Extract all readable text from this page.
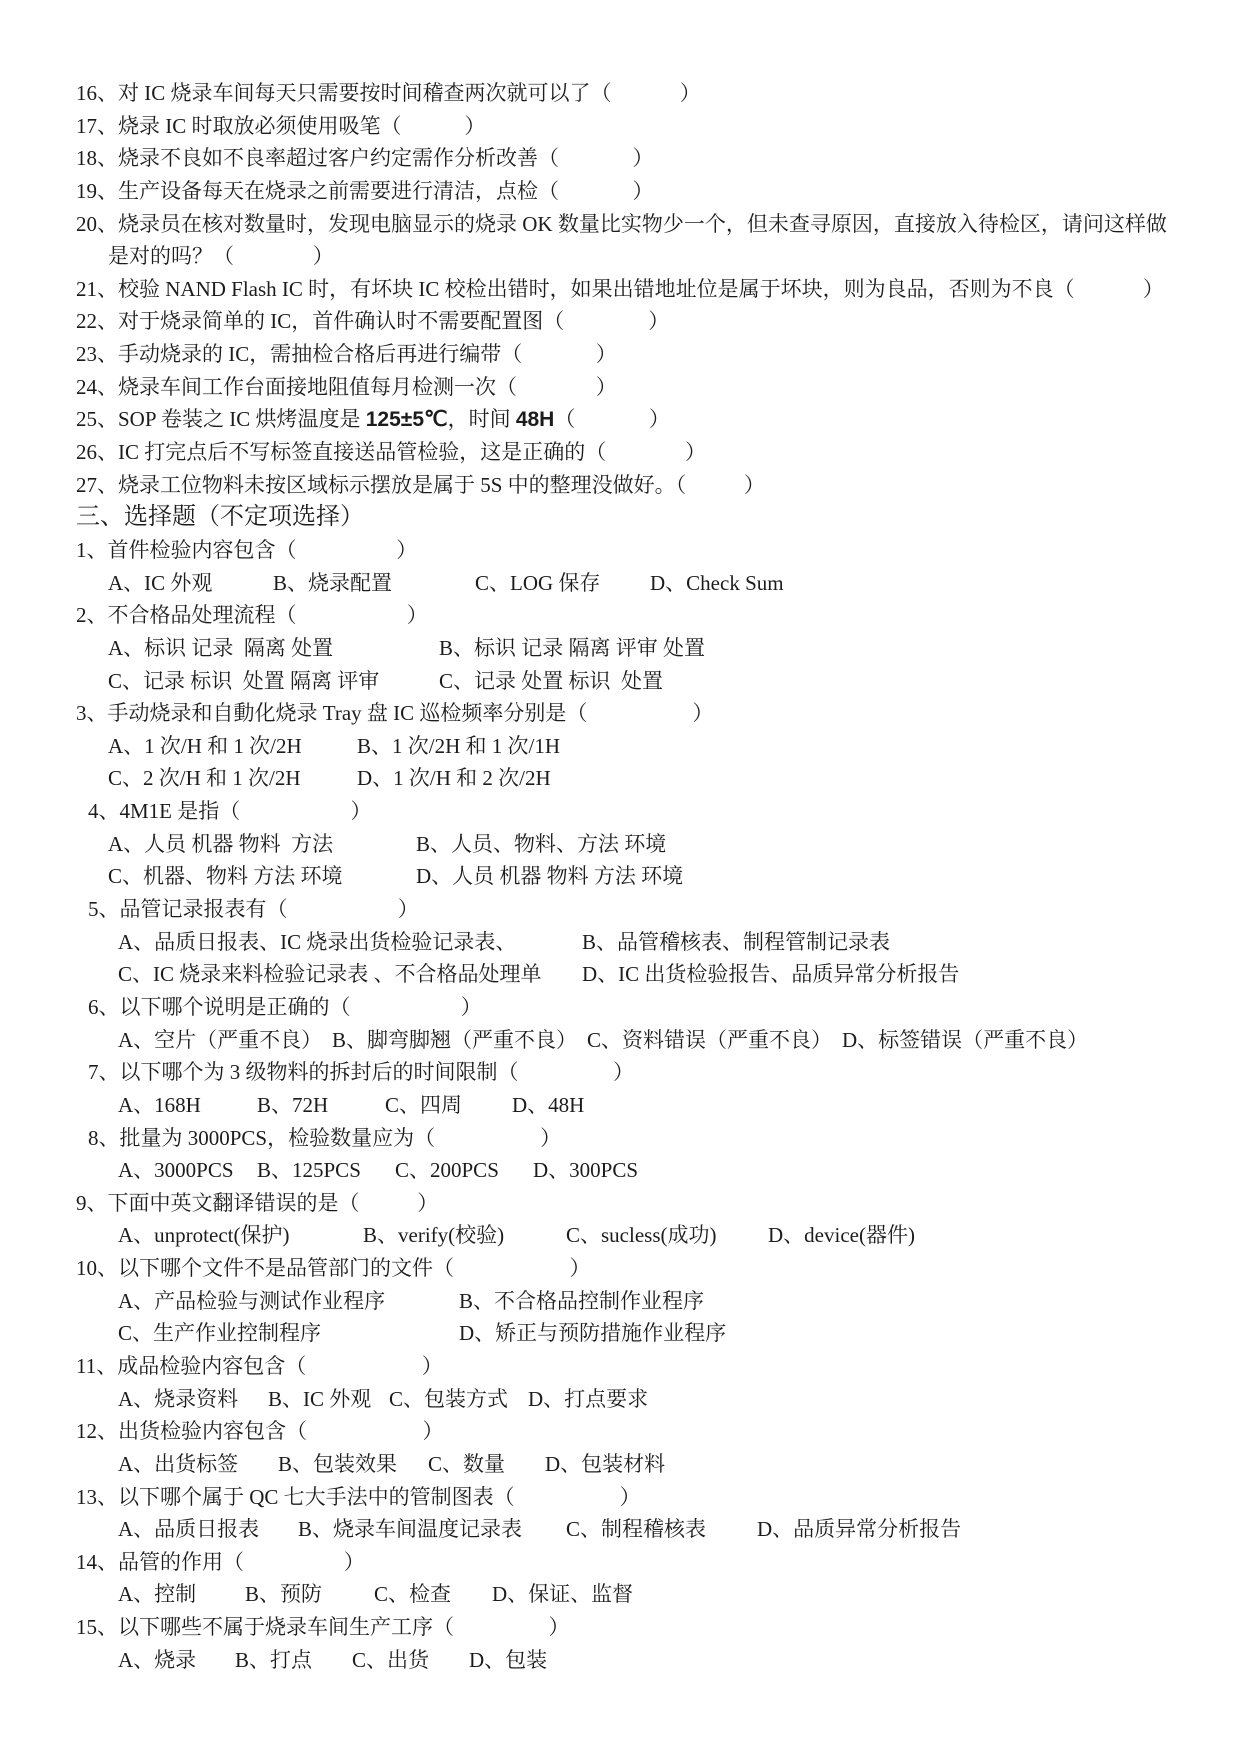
16、对 IC 烧录车间每天只需要按时间稽查两次就可以了（             ）
17、烧录 IC 时取放必须使用吸笔（            ）
18、烧录不良如不良率超过客户约定需作分析改善（              ）
19、生产设备每天在烧录之前需要进行清洁，点检（              ）
20、烧录员在核对数量时，发现电脑显示的烧录 OK 数量比实物少一个，但未查寻原因，直接放入待检区，请问这样做
是对的吗？（               ）
21、校验 NAND Flash IC 时，有坏块 IC 校检出错时，如果出错地址位是属于坏块，则为良品，否则为不良（             ）
22、对于烧录简单的 IC，首件确认时不需要配置图（                ）
23、手动烧录的 IC，需抽检合格后再进行编带（              ）
24、烧录车间工作台面接地阻值每月检测一次（               ）
25、SOP 卷装之 IC 烘烤温度是 125±5℃，时间 48H（              ）
26、IC 打完点后不写标签直接送品管检验，这是正确的（               ）
27、烧录工位物料未按区域标示摆放是属于 5S 中的整理没做好。（           ）
三、选择题（不定项选择）
1、首件检验内容包含（                   ）
A、IC 外观	B、烧录配置	C、LOG 保存 D、Check Sum
2、不合格品处理流程（                     ）
A、标识 记录  隔离 处置	B、标识 记录 隔离 评审 处置
C、记录 标识  处置 隔离 评审	C、记录 处置 标识  处置
3、手动烧录和自動化烧录 Tray 盘 IC 巡检频率分别是（                    ）
A、1 次/H 和 1 次/2H	B、1 次/2H 和 1 次/1H
C、2 次/H 和 1 次/2H	D、1 次/H 和 2 次/2H
4、4M1E 是指（                     ）
A、人员 机器 物料  方法	B、人员、物料、方法 环境
C、机器、物料 方法 环境	D、人员 机器 物料 方法 环境
5、品管记录报表有（                     ）
A、品质日报表、IC 烧录出货检验记录表、	B、品管稽核表、制程管制记录表
C、IC 烧录来料检验记录表 、不合格品处理单 D、IC 出货检验报告、品质异常分析报告
6、以下哪个说明是正确的（                     ）
A、空片（严重不良） B、脚弯脚翘（严重不良） C、资料错误（严重不良） D、标签错误（严重不良）
7、以下哪个为 3 级物料的拆封后的时间限制（                  ）
A、168H	B、72H	C、四周 D、48H
8、批量为 3000PCS，检验数量应为（                    ）
A、3000PCS B、125PCS C、200PCS D、300PCS
9、下面中英文翻译错误的是（           ）
A、unprotect(保护)	B、verify(校验)	C、sucless(成功) D、device(器件)
10、以下哪个文件不是品管部门的文件（                      ）
A、产品检验与测试作业程序	B、不合格品控制作业程序
C、生产作业控制程序	D、矫正与预防措施作业程序
11、成品检验内容包含（                      ）
A、烧录资料 B、IC 外观 C、包装方式 D、打点要求
12、出货检验内容包含（                      ）
A、出货标签 B、包装效果 C、数量 D、包装材料
13、以下哪个属于 QC 七大手法中的管制图表（                    ）
A、品质日报表 B、烧录车间温度记录表 C、制程稽核表 D、品质异常分析报告
14、品管的作用（                   ）
A、控制 B、预防 C、检查 D、保证、监督
15、以下哪些不属于烧录车间生产工序（                  ）
A、烧录 B、打点 C、出货 D、包装
